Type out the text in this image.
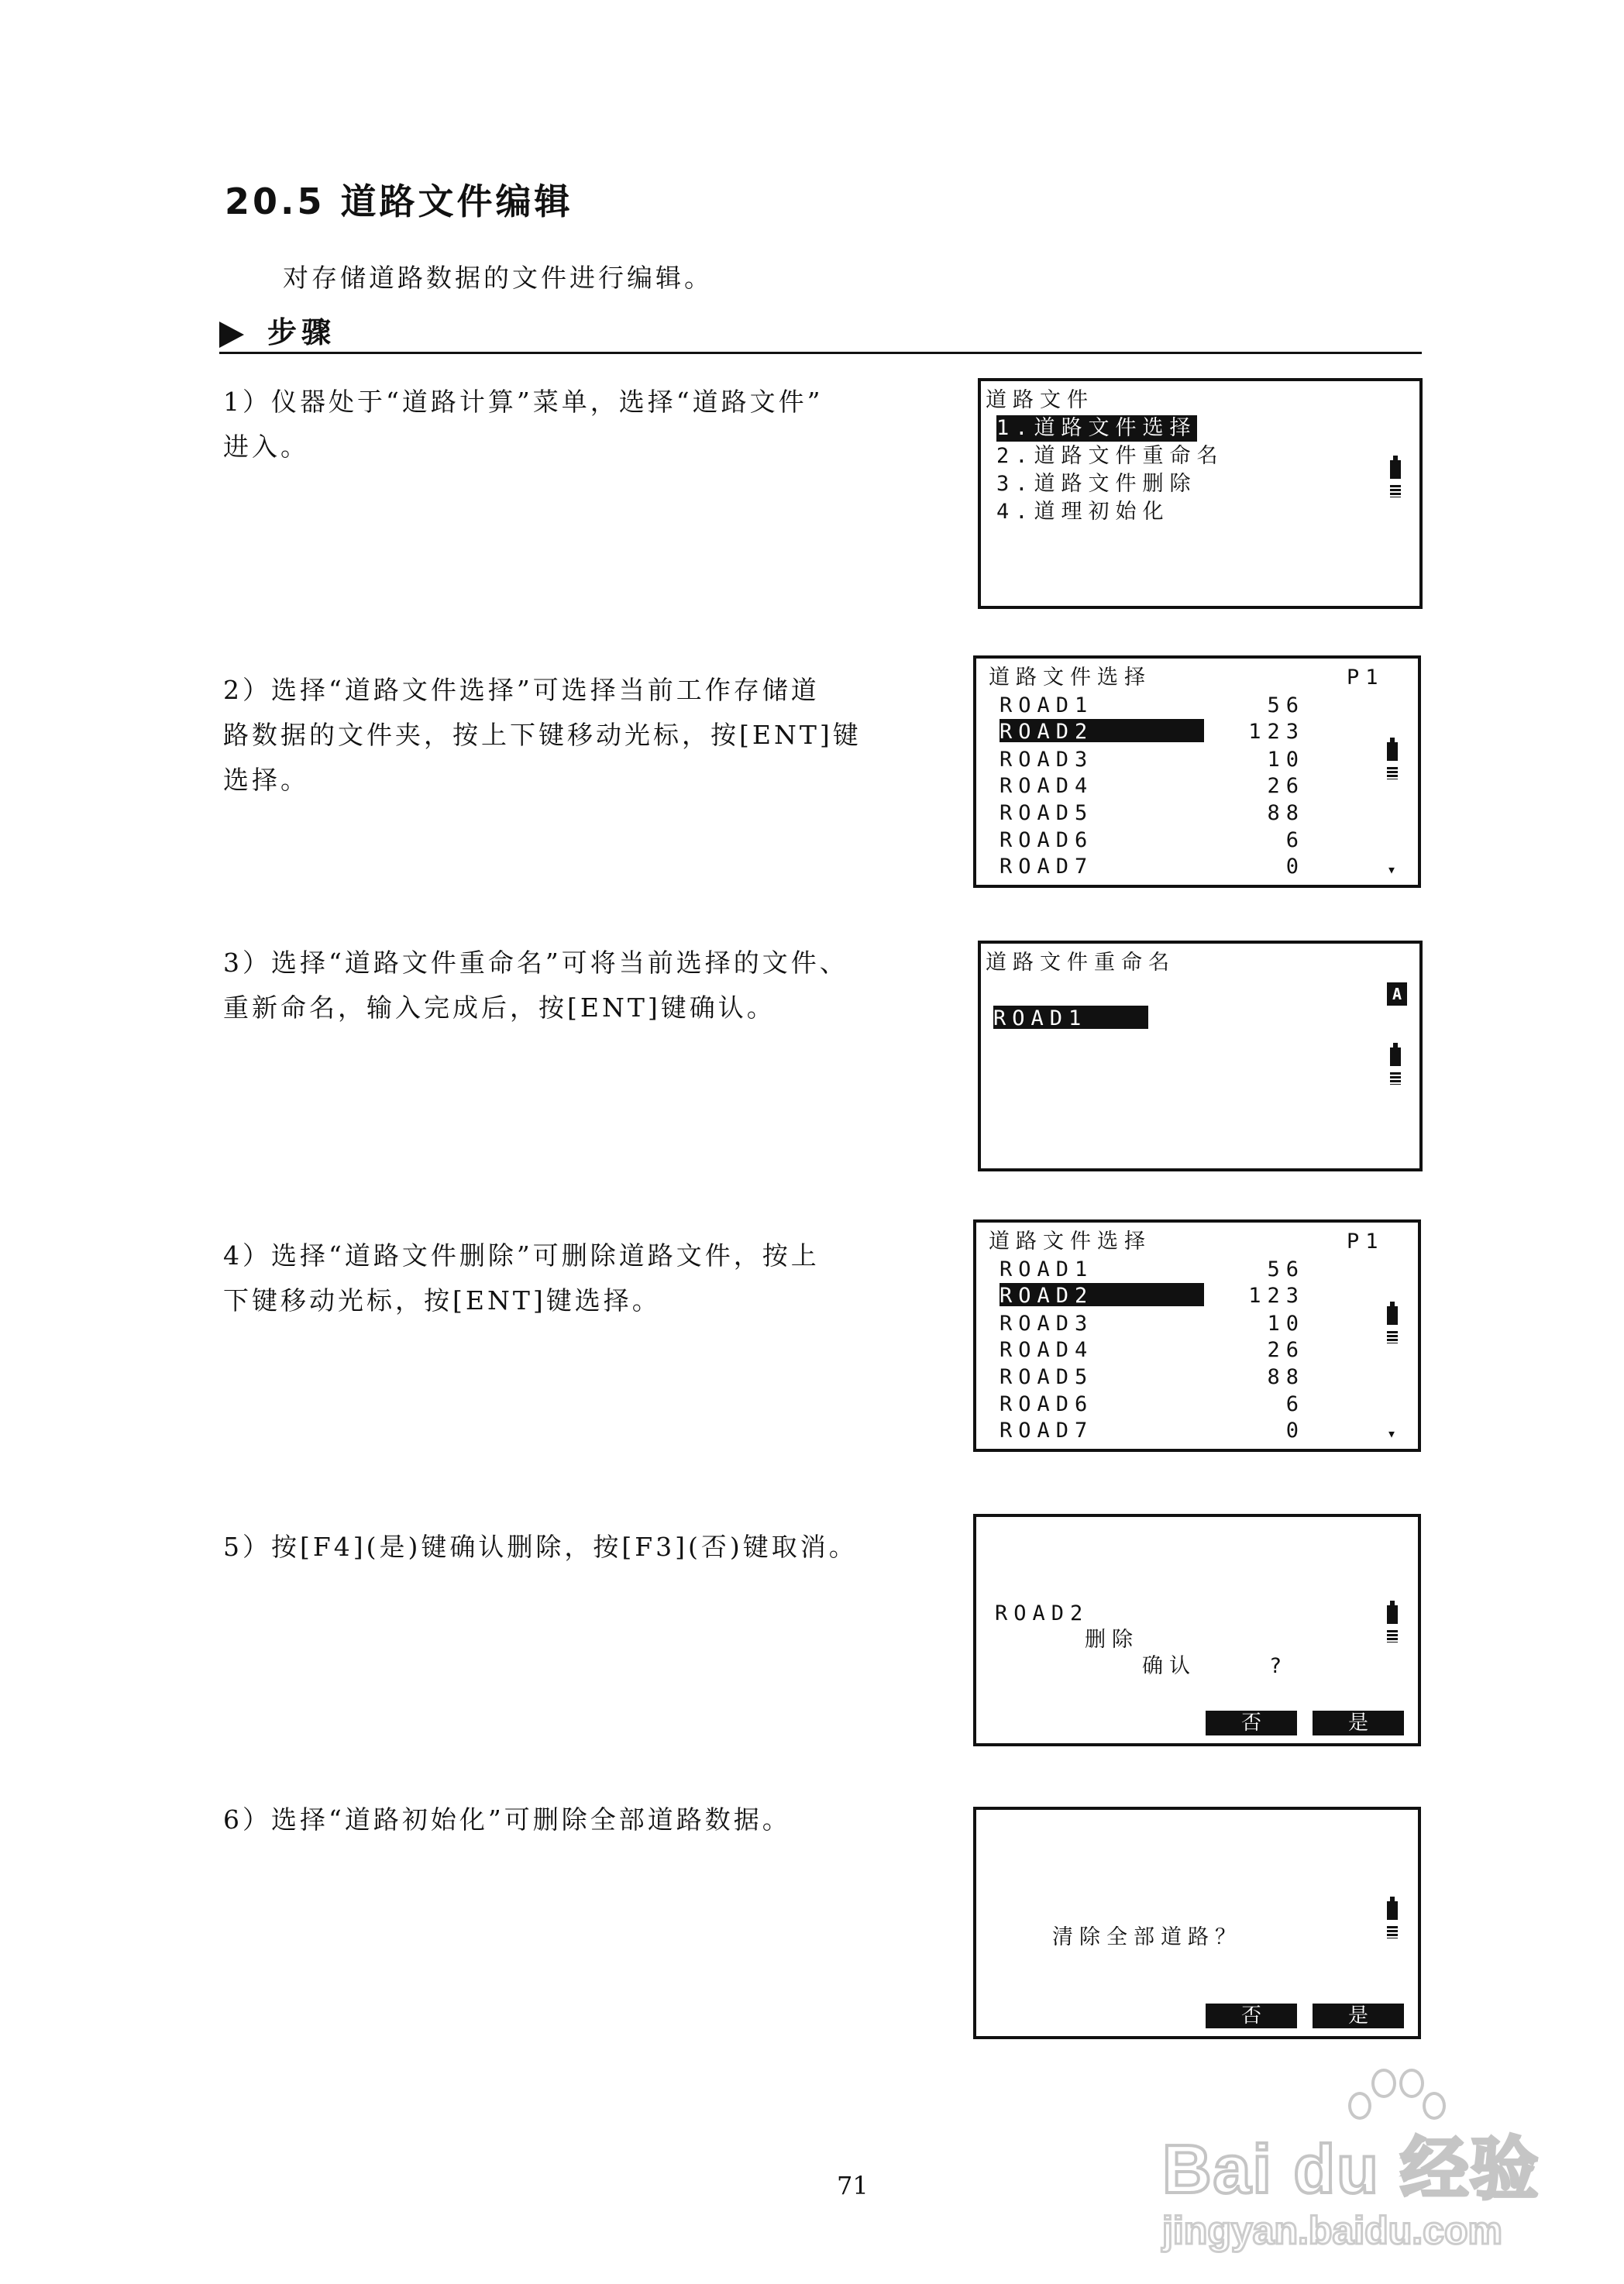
20.5 道路文件编辑
对存储道路数据的文件进行编辑。
步骤
1）仪器处于“道路计算”菜单，选择“道路文件”
进入。
2）选择“道路文件选择”可选择当前工作存储道
路数据的文件夹，按上下键移动光标，按[ENT]键
选择。
3）选择“道路文件重命名”可将当前选择的文件、
重新命名，输入完成后，按[ENT]键确认。
4）选择“道路文件删除”可删除道路文件，按上
下键移动光标，按[ENT]键选择。
5）按[F4](是)键确认删除，按[F3](否)键取消。
6）选择“道路初始化”可删除全部道路数据。
道路文件
1.道路文件选择
2.道路文件重命名
3.道路文件删除
4.道理初始化
道路文件选择	P1
ROAD1	56
ROAD2	123
ROAD3	10
ROAD4	26
ROAD5	88
ROAD6	6
ROAD7	0	▾
道路文件重命名
A
ROAD1
道路文件选择	P1
ROAD1	56
ROAD2	123
ROAD3	10
ROAD4	26
ROAD5	88
ROAD6	6
ROAD7	0	▾
ROAD2
删除
确认	?
否	是
清除全部道路？
否	是
71	Bai du 经验
jingyan.baidu.com
